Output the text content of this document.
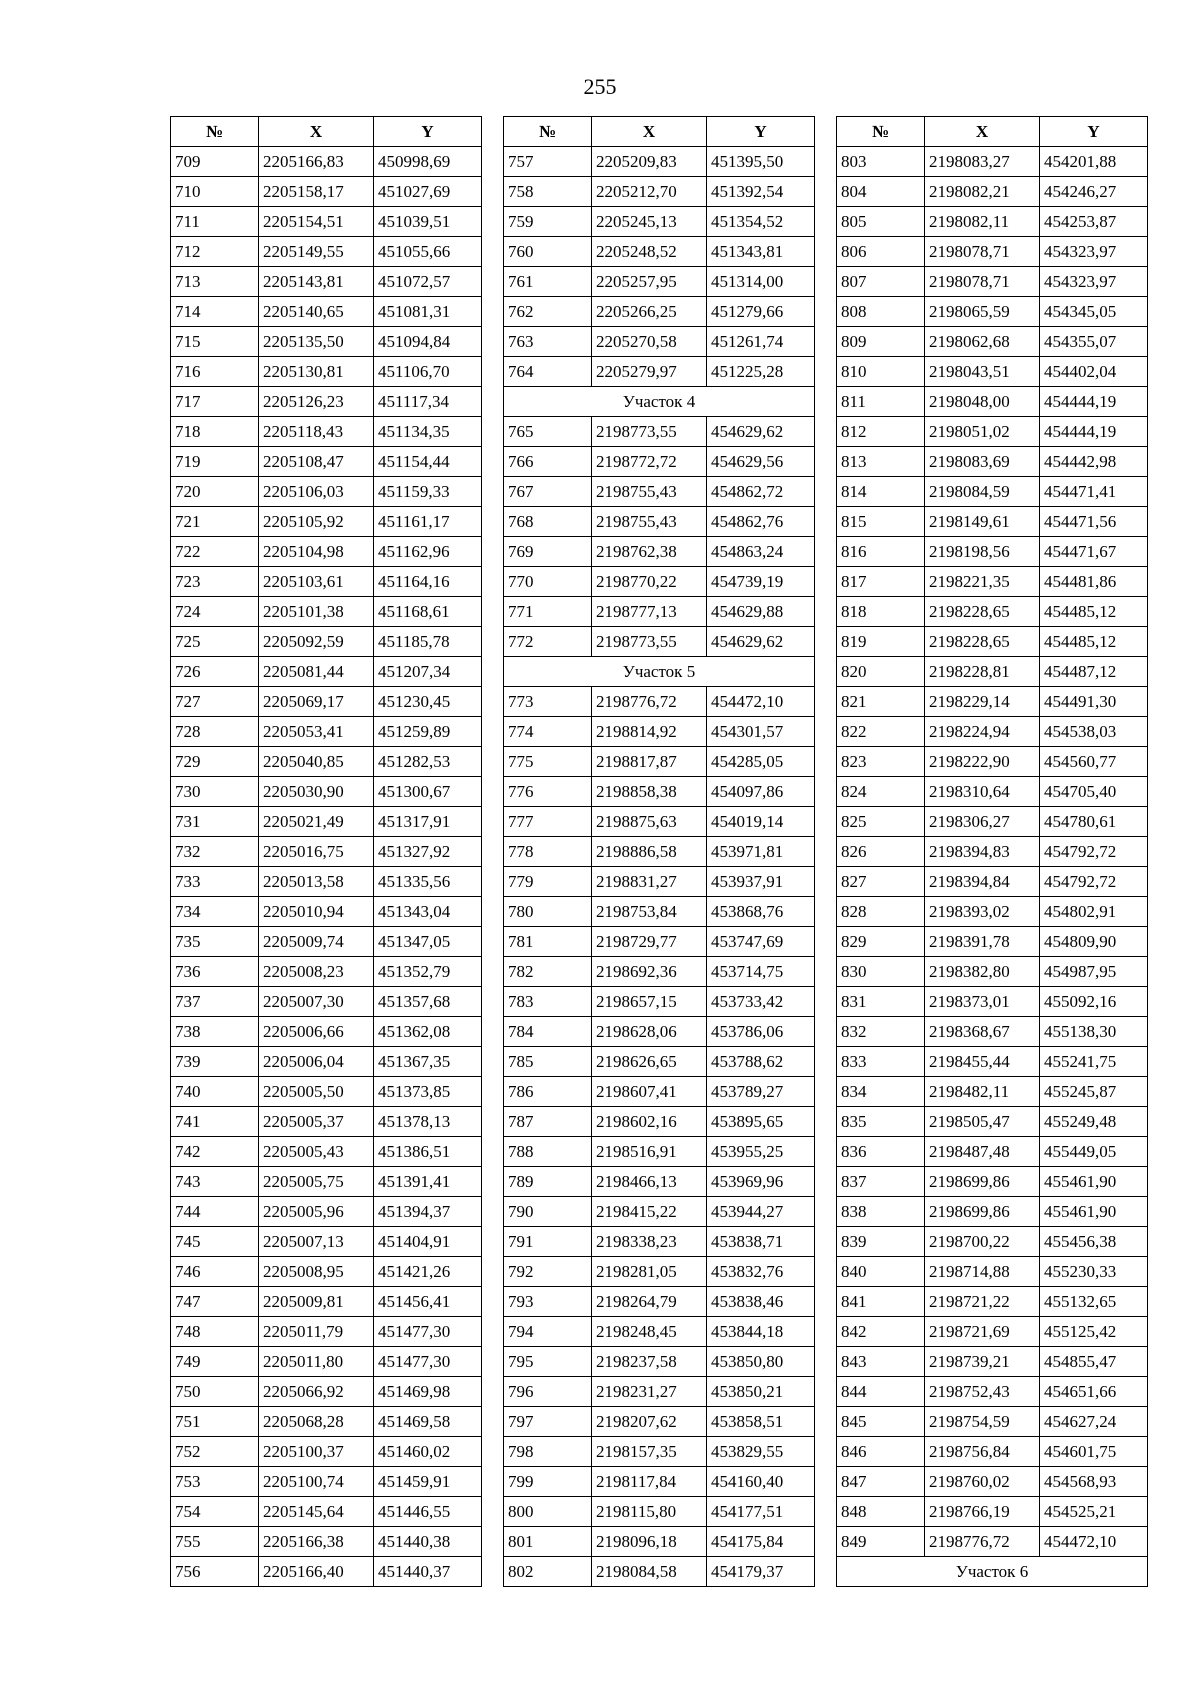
255
№	X	Y
709	2205166,83	450998,69
710	2205158,17	451027,69
711	2205154,51	451039,51
712	2205149,55	451055,66
713	2205143,81	451072,57
714	2205140,65	451081,31
715	2205135,50	451094,84
716	2205130,81	451106,70
717	2205126,23	451117,34
718	2205118,43	451134,35
719	2205108,47	451154,44
720	2205106,03	451159,33
721	2205105,92	451161,17
722	2205104,98	451162,96
723	2205103,61	451164,16
724	2205101,38	451168,61
725	2205092,59	451185,78
726	2205081,44	451207,34
727	2205069,17	451230,45
728	2205053,41	451259,89
729	2205040,85	451282,53
730	2205030,90	451300,67
731	2205021,49	451317,91
732	2205016,75	451327,92
733	2205013,58	451335,56
734	2205010,94	451343,04
735	2205009,74	451347,05
736	2205008,23	451352,79
737	2205007,30	451357,68
738	2205006,66	451362,08
739	2205006,04	451367,35
740	2205005,50	451373,85
741	2205005,37	451378,13
742	2205005,43	451386,51
743	2205005,75	451391,41
744	2205005,96	451394,37
745	2205007,13	451404,91
746	2205008,95	451421,26
747	2205009,81	451456,41
748	2205011,79	451477,30
749	2205011,80	451477,30
750	2205066,92	451469,98
751	2205068,28	451469,58
752	2205100,37	451460,02
753	2205100,74	451459,91
754	2205145,64	451446,55
755	2205166,38	451440,38
756	2205166,40	451440,37
№	X	Y
757	2205209,83	451395,50
758	2205212,70	451392,54
759	2205245,13	451354,52
760	2205248,52	451343,81
761	2205257,95	451314,00
762	2205266,25	451279,66
763	2205270,58	451261,74
764	2205279,97	451225,28
Участок 4		
765	2198773,55	454629,62
766	2198772,72	454629,56
767	2198755,43	454862,72
768	2198755,43	454862,76
769	2198762,38	454863,24
770	2198770,22	454739,19
771	2198777,13	454629,88
772	2198773,55	454629,62
Участок 5		
773	2198776,72	454472,10
774	2198814,92	454301,57
775	2198817,87	454285,05
776	2198858,38	454097,86
777	2198875,63	454019,14
778	2198886,58	453971,81
779	2198831,27	453937,91
780	2198753,84	453868,76
781	2198729,77	453747,69
782	2198692,36	453714,75
783	2198657,15	453733,42
784	2198628,06	453786,06
785	2198626,65	453788,62
786	2198607,41	453789,27
787	2198602,16	453895,65
788	2198516,91	453955,25
789	2198466,13	453969,96
790	2198415,22	453944,27
791	2198338,23	453838,71
792	2198281,05	453832,76
793	2198264,79	453838,46
794	2198248,45	453844,18
795	2198237,58	453850,80
796	2198231,27	453850,21
797	2198207,62	453858,51
798	2198157,35	453829,55
799	2198117,84	454160,40
800	2198115,80	454177,51
801	2198096,18	454175,84
802	2198084,58	454179,37
№	X	Y
803	2198083,27	454201,88
804	2198082,21	454246,27
805	2198082,11	454253,87
806	2198078,71	454323,97
807	2198078,71	454323,97
808	2198065,59	454345,05
809	2198062,68	454355,07
810	2198043,51	454402,04
811	2198048,00	454444,19
812	2198051,02	454444,19
813	2198083,69	454442,98
814	2198084,59	454471,41
815	2198149,61	454471,56
816	2198198,56	454471,67
817	2198221,35	454481,86
818	2198228,65	454485,12
819	2198228,65	454485,12
820	2198228,81	454487,12
821	2198229,14	454491,30
822	2198224,94	454538,03
823	2198222,90	454560,77
824	2198310,64	454705,40
825	2198306,27	454780,61
826	2198394,83	454792,72
827	2198394,84	454792,72
828	2198393,02	454802,91
829	2198391,78	454809,90
830	2198382,80	454987,95
831	2198373,01	455092,16
832	2198368,67	455138,30
833	2198455,44	455241,75
834	2198482,11	455245,87
835	2198505,47	455249,48
836	2198487,48	455449,05
837	2198699,86	455461,90
838	2198699,86	455461,90
839	2198700,22	455456,38
840	2198714,88	455230,33
841	2198721,22	455132,65
842	2198721,69	455125,42
843	2198739,21	454855,47
844	2198752,43	454651,66
845	2198754,59	454627,24
846	2198756,84	454601,75
847	2198760,02	454568,93
848	2198766,19	454525,21
849	2198776,72	454472,10
Участок 6		
